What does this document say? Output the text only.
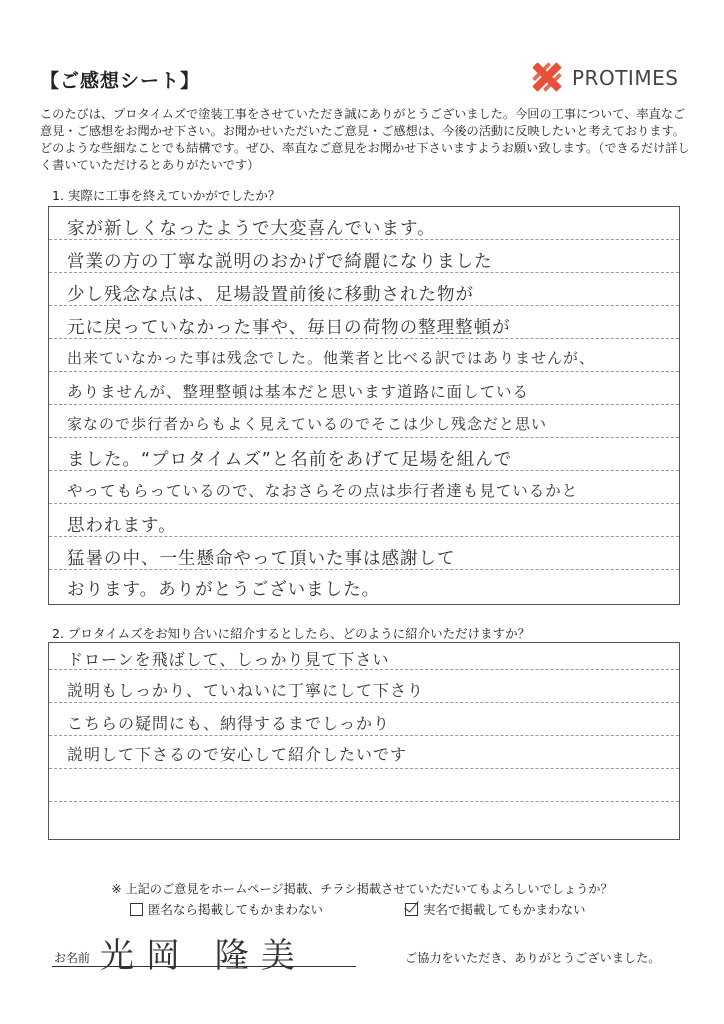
【ご感想シート】	PROTIMES
このたびは、プロタイムズで塗装工事をさせていただき誠にありがとうございました。今回の工事について、率直なご意見・ご感想をお聞かせ下さい。お聞かせいただいたご意見・ご感想は、今後の活動に反映したいと考えております。どのような些細なことでも結構です。ぜひ、率直なご意見をお聞かせ下さいますようお願い致します。（できるだけ詳しく書いていただけるとありがたいです）
1. 実際に工事を終えていかがでしたか？
家が新しくなったようで大変喜んでいます。
営業の方の丁寧な説明のおかげで綺麗になりました
少し残念な点は、足場設置前後に移動された物が
元に戻っていなかった事や、毎日の荷物の整理整頓が
出来ていなかった事は残念でした。他業者と比べる訳ではありませんが、
ありませんが、整理整頓は基本だと思います道路に面している
家なので歩行者からもよく見えているのでそこは少し残念だと思い
ました。“プロタイムズ”と名前をあげて足場を組んで
やってもらっているので、なおさらその点は歩行者達も見ているかと
思われます。
猛暑の中、一生懸命やって頂いた事は感謝して
おります。ありがとうございました。
2. プロタイムズをお知り合いに紹介するとしたら、どのように紹介いただけますか？
ドローンを飛ばして、しっかり見て下さい
説明もしっかり、ていねいに丁寧にして下さり
こちらの疑問にも、納得するまでしっかり
説明して下さるので安心して紹介したいです
※ 上記のご意見をホームページ掲載、チラシ掲載させていただいてもよろしいでしょうか？
匿名なら掲載してもかまわない	実名で掲載してもかまわない
お名前 光岡 隆美	ご協力をいただき、ありがとうございました。
